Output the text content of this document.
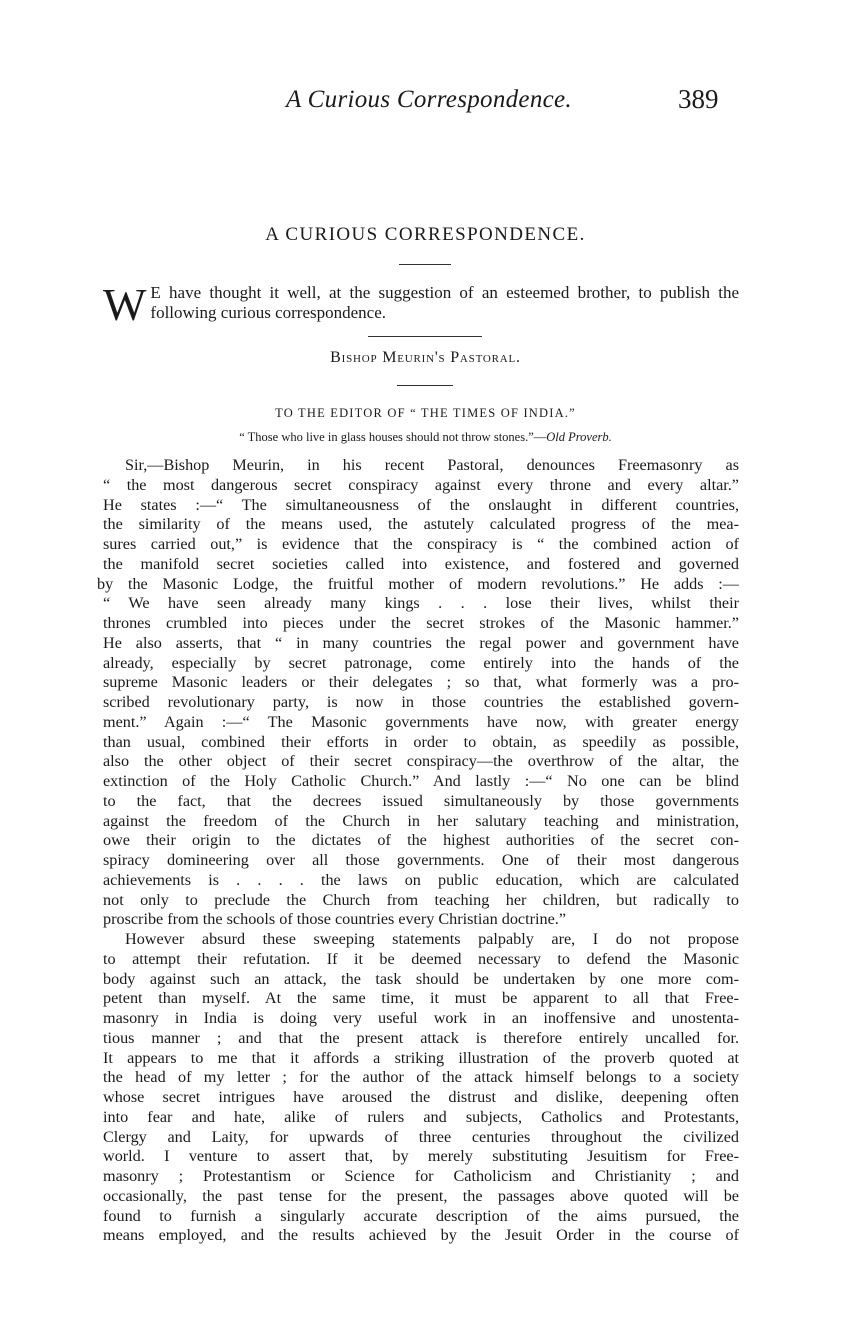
A Curious Correspondence.	389
A CURIOUS CORRESPONDENCE.
W E have thought it well, at the suggestion of an esteemed brother, to publish the following curious correspondence.
Bishop Meurin's Pastoral.
TO THE EDITOR OF “ THE TIMES OF INDIA.”
“ Those who live in glass houses should not throw stones.”—Old Proverb.
Sir,—Bishop Meurin, in his recent Pastoral, denounces Freemasonry as
“ the most dangerous secret conspiracy against every throne and every altar.”
He states :—“ The simultaneousness of the onslaught in different countries,
the similarity of the means used, the astutely calculated progress of the mea-
sures carried out,” is evidence that the conspiracy is “ the combined action of
the manifold secret societies called into existence, and fostered and governed
by the Masonic Lodge, the fruitful mother of modern revolutions.” He adds :—
“ We have seen already many kings . . . lose their lives, whilst their
thrones crumbled into pieces under the secret strokes of the Masonic hammer.”
He also asserts, that “ in many countries the regal power and government have
already, especially by secret patronage, come entirely into the hands of the
supreme Masonic leaders or their delegates ; so that, what formerly was a pro-
scribed revolutionary party, is now in those countries the established govern-
ment.” Again :—“ The Masonic governments have now, with greater energy
than usual, combined their efforts in order to obtain, as speedily as possible,
also the other object of their secret conspiracy—the overthrow of the altar, the
extinction of the Holy Catholic Church.” And lastly :—“ No one can be blind
to the fact, that the decrees issued simultaneously by those governments
against the freedom of the Church in her salutary teaching and ministration,
owe their origin to the dictates of the highest authorities of the secret con-
spiracy domineering over all those governments. One of their most dangerous
achievements is . . . . the laws on public education, which are calculated
not only to preclude the Church from teaching her children, but radically to
proscribe from the schools of those countries every Christian doctrine.”
However absurd these sweeping statements palpably are, I do not propose
to attempt their refutation. If it be deemed necessary to defend the Masonic
body against such an attack, the task should be undertaken by one more com-
petent than myself. At the same time, it must be apparent to all that Free-
masonry in India is doing very useful work in an inoffensive and unostenta-
tious manner ; and that the present attack is therefore entirely uncalled for.
It appears to me that it affords a striking illustration of the proverb quoted at
the head of my letter ; for the author of the attack himself belongs to a society
whose secret intrigues have aroused the distrust and dislike, deepening often
into fear and hate, alike of rulers and subjects, Catholics and Protestants,
Clergy and Laity, for upwards of three centuries throughout the civilized
world. I venture to assert that, by merely substituting Jesuitism for Free-
masonry ; Protestantism or Science for Catholicism and Christianity ; and
occasionally, the past tense for the present, the passages above quoted will be
found to furnish a singularly accurate description of the aims pursued, the
means employed, and the results achieved by the Jesuit Order in the course of
